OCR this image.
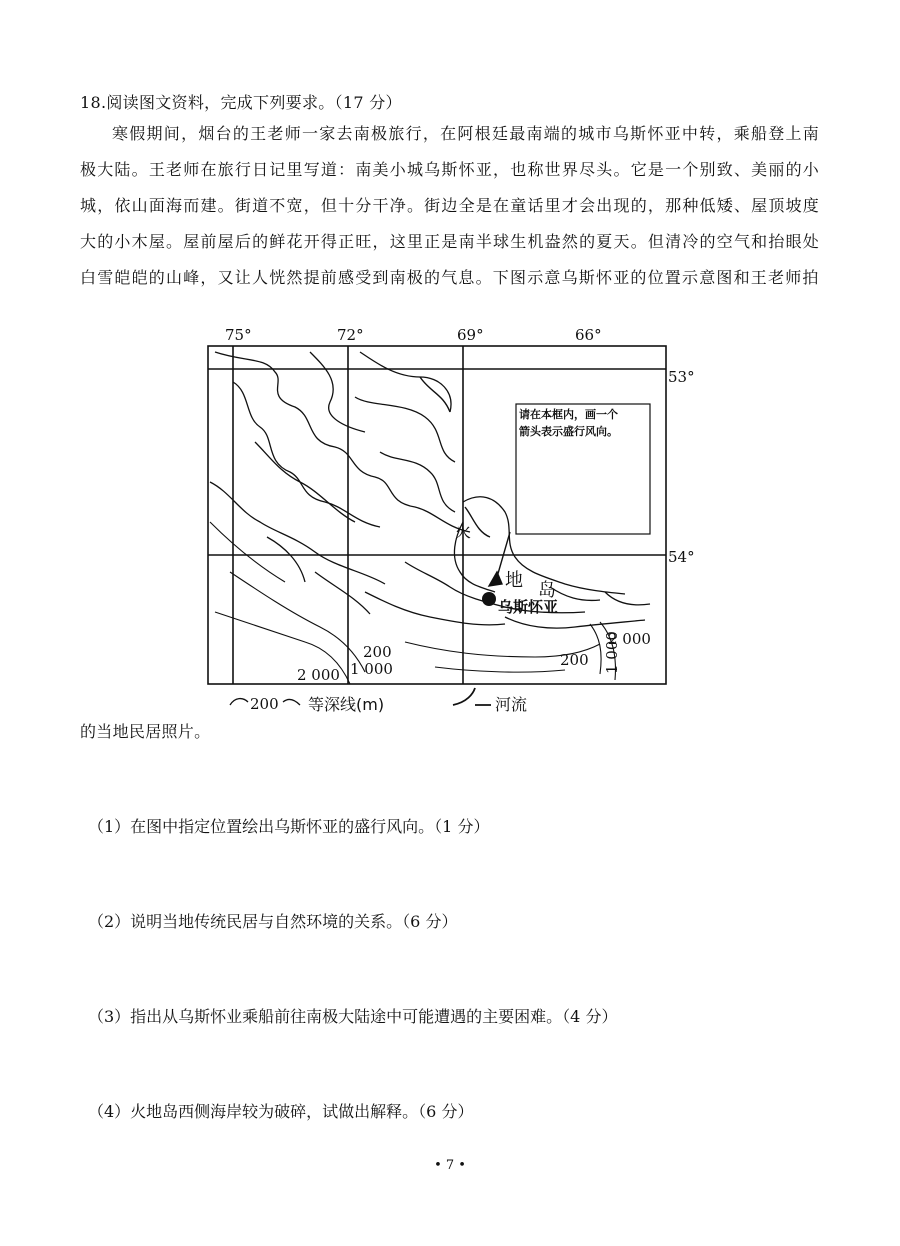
18.阅读图文资料，完成下列要求。（17 分）
寒假期间，烟台的王老师一家去南极旅行，在阿根廷最南端的城市乌斯怀亚中转，乘船登上南极大陆。王老师在旅行日记里写道：南美小城乌斯怀亚，也称世界尽头。它是一个别致、美丽的小城，依山面海而建。街道不宽，但十分干净。街边全是在童话里才会出现的，那种低矮、屋顶坡度大的小木屋。屋前屋后的鲜花开得正旺，这里正是南半球生机盎然的夏天。但清冷的空气和抬眼处白雪皑皑的山峰，又让人恍然提前感受到南极的气息。下图示意乌斯怀亚的位置示意图和王老师拍
75°	72°	69°	66°
53°
54°
请在本框内，画一个
箭头表示盛行风向。
火
地 岛
乌斯怀亚
200
1 000
2 000
200
2 000
1 000
200 等深线(m)	河流
的当地民居照片。
（1）在图中指定位置绘出乌斯怀亚的盛行风向。（1 分）
（2）说明当地传统民居与自然环境的关系。（6 分）
（3）指出从乌斯怀业乘船前往南极大陆途中可能遭遇的主要困难。（4 分）
（4）火地岛西侧海岸较为破碎，试做出解释。（6 分）
• 7 •
